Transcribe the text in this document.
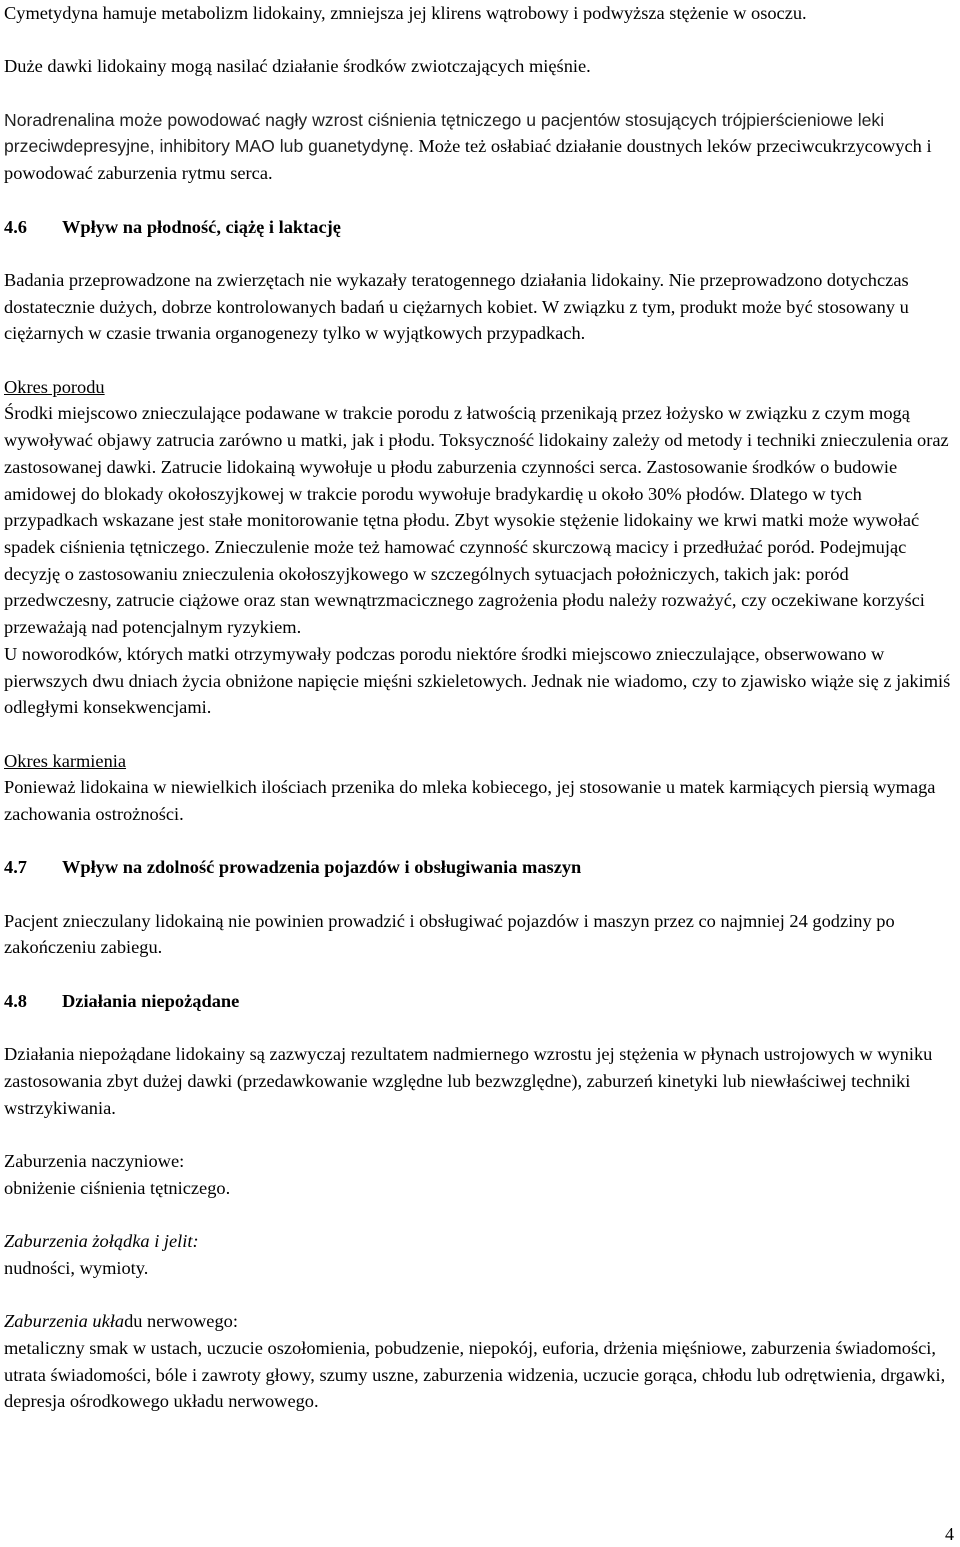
Cymetydyna hamuje metabolizm lidokainy, zmniejsza jej klirens wątrobowy i podwyższa stężenie w osoczu.

Duże dawki lidokainy mogą nasilać działanie środków zwiotczających mięśnie.

Noradrenalina może powodować nagły wzrost ciśnienia tętniczego u pacjentów stosujących trójpierścieniowe leki przeciwdepresyjne, inhibitory MAO lub guanetydynę. Może też osłabiać działanie doustnych leków przeciwcukrzycowych i powodować zaburzenia rytmu serca.

4.6 Wpływ na płodność, ciążę i laktację

Badania przeprowadzone na zwierzętach nie wykazały teratogennego działania lidokainy. Nie przeprowadzono dotychczas dostatecznie dużych, dobrze kontrolowanych badań u ciężarnych kobiet. W związku z tym, produkt może być stosowany u ciężarnych w czasie trwania organogenezy tylko w wyjątkowych przypadkach.

Okres porodu

Środki miejscowo znieczulające podawane w trakcie porodu z łatwością przenikają przez łożysko w związku z czym mogą wywoływać objawy zatrucia zarówno u matki, jak i płodu. Toksyczność lidokainy zależy od metody i techniki znieczulenia oraz zastosowanej dawki. Zatrucie lidokainą wywołuje u płodu zaburzenia czynności serca. Zastosowanie środków o budowie amidowej do blokady okołoszyjkowej w trakcie porodu wywołuje bradykardię u około 30% płodów. Dlatego w tych przypadkach wskazane jest stałe monitorowanie tętna płodu. Zbyt wysokie stężenie lidokainy we krwi matki może wywołać spadek ciśnienia tętniczego. Znieczulenie może też hamować czynność skurczową macicy i przedłużać poród. Podejmując decyzję o zastosowaniu znieczulenia okołoszyjkowego w szczególnych sytuacjach położniczych, takich jak: poród przedwczesny, zatrucie ciążowe oraz stan wewnątrzmacicznego zagrożenia płodu należy rozważyć, czy oczekiwane korzyści przeważają nad potencjalnym ryzykiem.

U noworodków, których matki otrzymywały podczas porodu niektóre środki miejscowo znieczulające, obserwowano w pierwszych dwu dniach życia obniżone napięcie mięśni szkieletowych. Jednak nie wiadomo, czy to zjawisko wiąże się z jakimiś odległymi konsekwencjami.

Okres karmienia

Ponieważ lidokaina w niewielkich ilościach przenika do mleka kobiecego, jej stosowanie u matek karmiących piersią wymaga zachowania ostrożności.

4.7 Wpływ na zdolność prowadzenia pojazdów i obsługiwania maszyn

Pacjent znieczulany lidokainą nie powinien prowadzić i obsługiwać pojazdów i maszyn przez co najmniej 24 godziny po zakończeniu zabiegu.

4.8 Działania niepożądane

Działania niepożądane lidokainy są zazwyczaj rezultatem nadmiernego wzrostu jej stężenia w płynach ustrojowych w wyniku zastosowania zbyt dużej dawki (przedawkowanie względne lub bezwzględne), zaburzeń kinetyki lub niewłaściwej techniki wstrzykiwania.

Zaburzenia naczyniowe:

obniżenie ciśnienia tętniczego.

Zaburzenia żołądka i jelit:

nudności, wymioty.

Zaburzenia układu nerwowego:

metaliczny smak w ustach, uczucie oszołomienia, pobudzenie, niepokój, euforia, drżenia mięśniowe, zaburzenia świadomości, utrata świadomości, bóle i zawroty głowy, szumy uszne, zaburzenia widzenia, uczucie gorąca, chłodu lub odrętwienia, drgawki, depresja ośrodkowego układu nerwowego.

4
